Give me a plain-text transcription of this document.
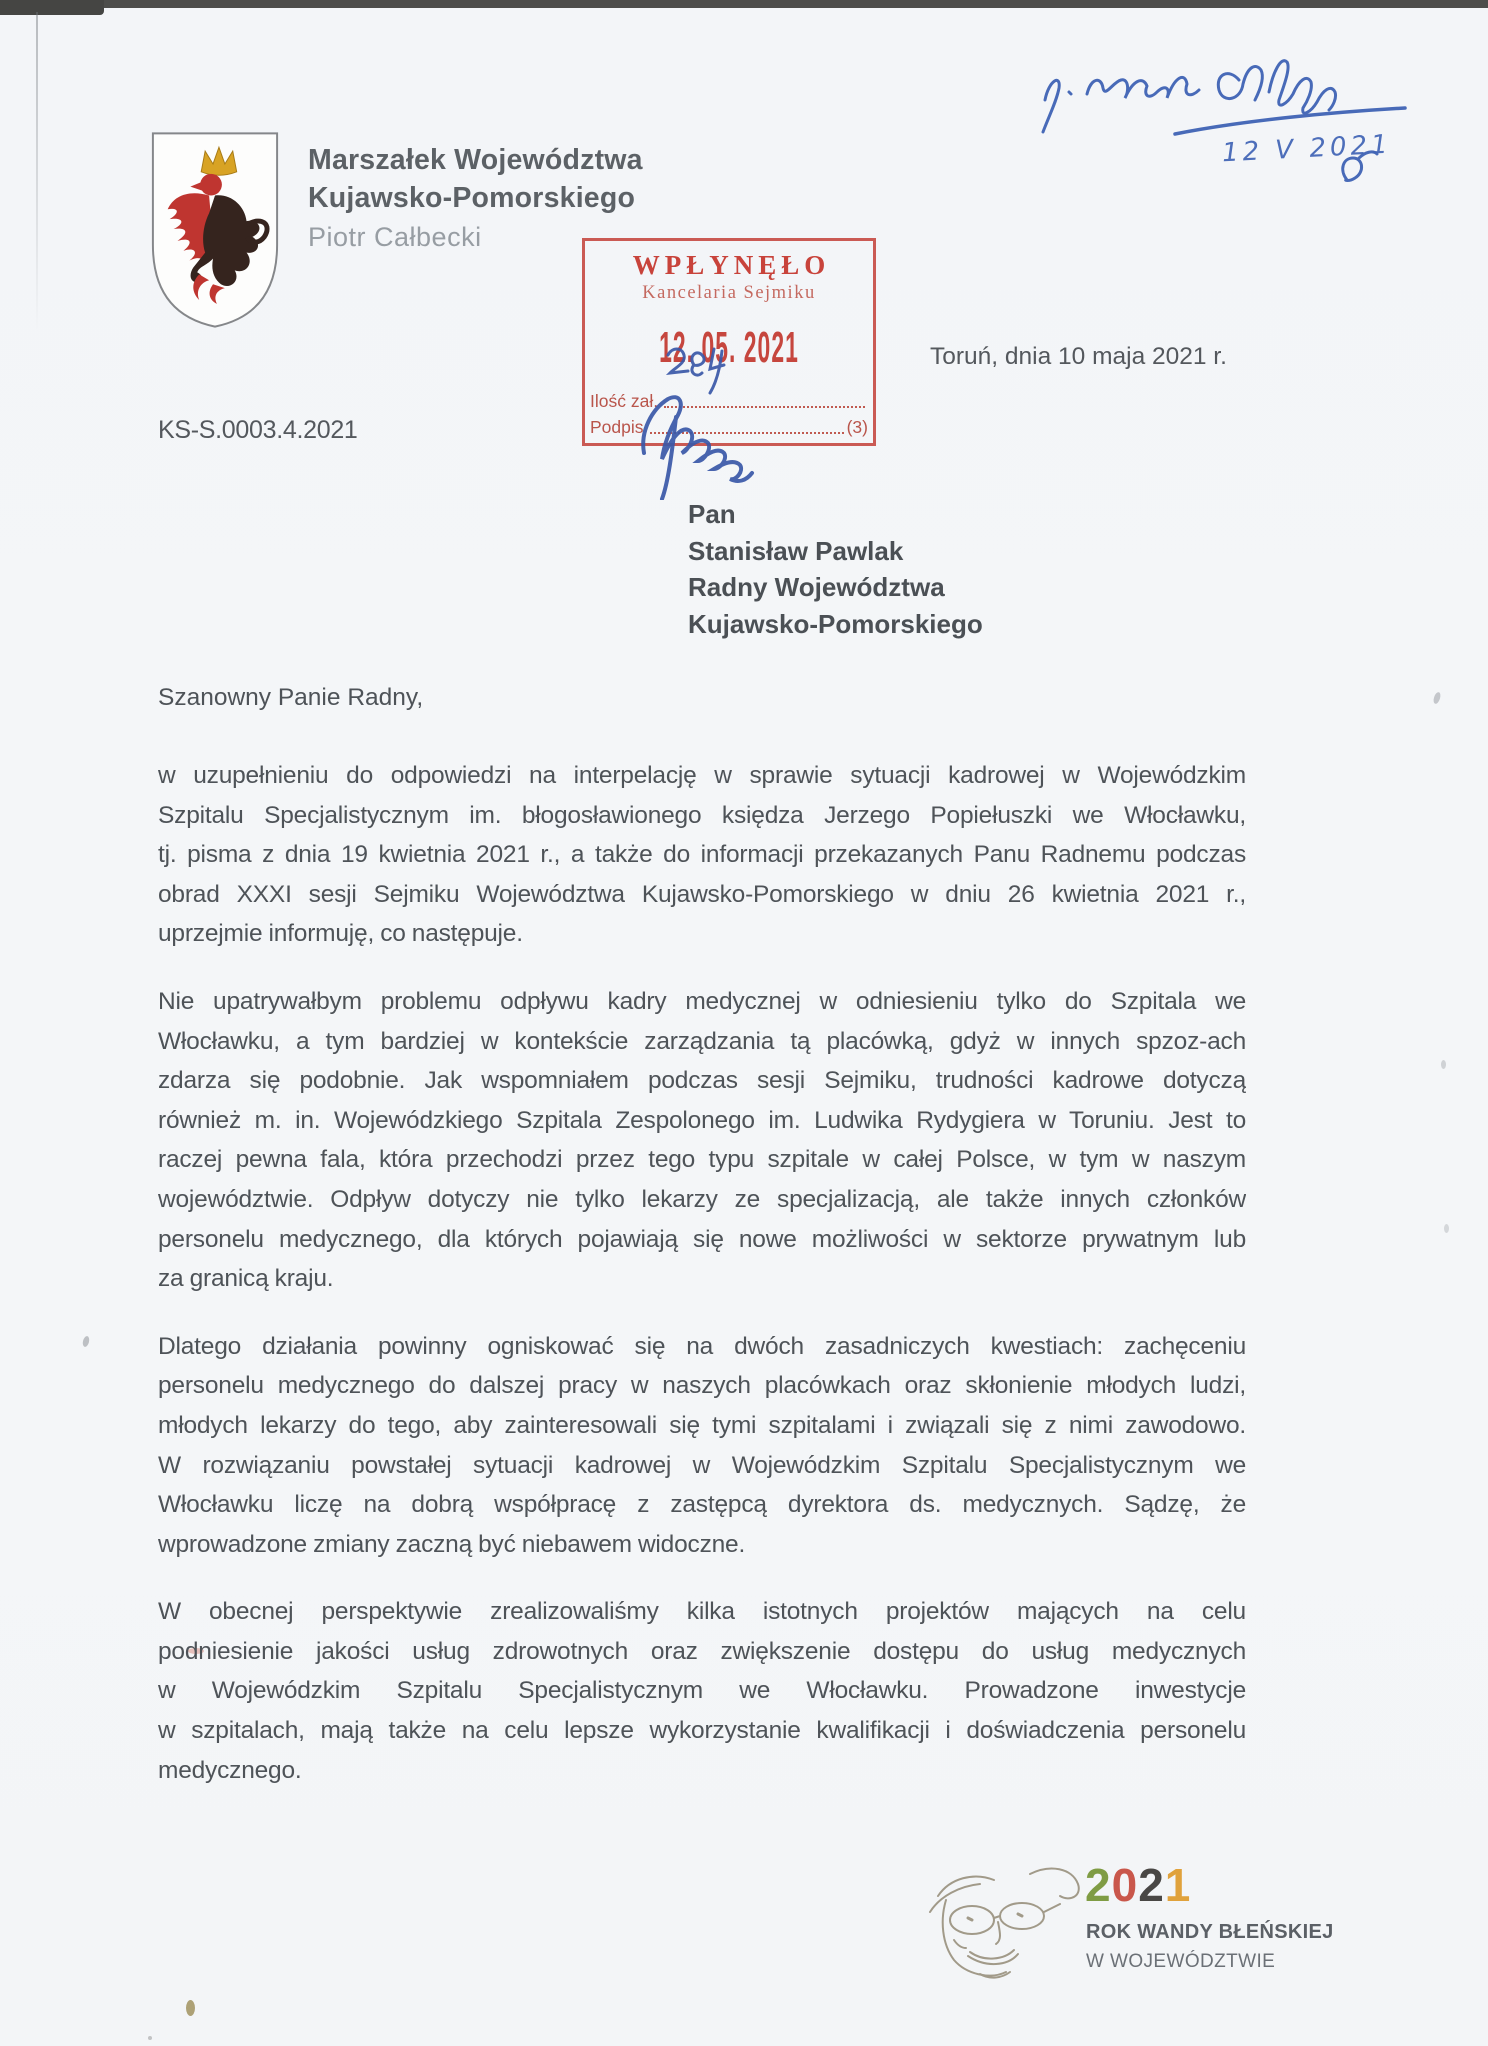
Marszałek Województwa
Kujawsko-Pomorskiego
Piotr Całbecki
12 V 2021
WPŁYNĘŁO
Kancelaria Sejmiku
12. 05. 2021
Ilość zał.
Podpis	(3)
Toruń, dnia 10 maja 2021 r.
KS-S.0003.4.2021
Pan
Stanisław Pawlak
Radny Województwa
Kujawsko-Pomorskiego
Szanowny Panie Radny,
w uzupełnieniu do odpowiedzi na interpelację w sprawie sytuacji kadrowej w Wojewódzkim
Szpitalu Specjalistycznym im. błogosławionego księdza Jerzego Popiełuszki we Włocławku,
tj. pisma z dnia 19 kwietnia 2021 r., a także do informacji przekazanych Panu Radnemu podczas
obrad XXXI sesji Sejmiku Województwa Kujawsko-Pomorskiego w dniu 26 kwietnia 2021 r.,
uprzejmie informuję, co następuje.
Nie upatrywałbym problemu odpływu kadry medycznej w odniesieniu tylko do Szpitala we
Włocławku, a tym bardziej w kontekście zarządzania tą placówką, gdyż w innych spzoz-ach
zdarza się podobnie. Jak wspomniałem podczas sesji Sejmiku, trudności kadrowe dotyczą
również m. in. Wojewódzkiego Szpitala Zespolonego im. Ludwika Rydygiera w Toruniu. Jest to
raczej pewna fala, która przechodzi przez tego typu szpitale w całej Polsce, w tym w naszym
województwie. Odpływ dotyczy nie tylko lekarzy ze specjalizacją, ale także innych członków
personelu medycznego, dla których pojawiają się nowe możliwości w sektorze prywatnym lub
za granicą kraju.
Dlatego działania powinny ogniskować się na dwóch zasadniczych kwestiach: zachęceniu
personelu medycznego do dalszej pracy w naszych placówkach oraz skłonienie młodych ludzi,
młodych lekarzy do tego, aby zainteresowali się tymi szpitalami i związali się z nimi zawodowo.
W rozwiązaniu powstałej sytuacji kadrowej w Wojewódzkim Szpitalu Specjalistycznym we
Włocławku liczę na dobrą współpracę z zastępcą dyrektora ds. medycznych. Sądzę, że
wprowadzone zmiany zaczną być niebawem widoczne.
W obecnej perspektywie zrealizowaliśmy kilka istotnych projektów mających na celu
podniesienie jakości usług zdrowotnych oraz zwiększenie dostępu do usług medycznych
w Wojewódzkim Szpitalu Specjalistycznym we Włocławku. Prowadzone inwestycje
w szpitalach, mają także na celu lepsze wykorzystanie kwalifikacji i doświadczenia personelu
medycznego.
2021
ROK WANDY BŁEŃSKIEJ
W WOJEWÓDZTWIE
